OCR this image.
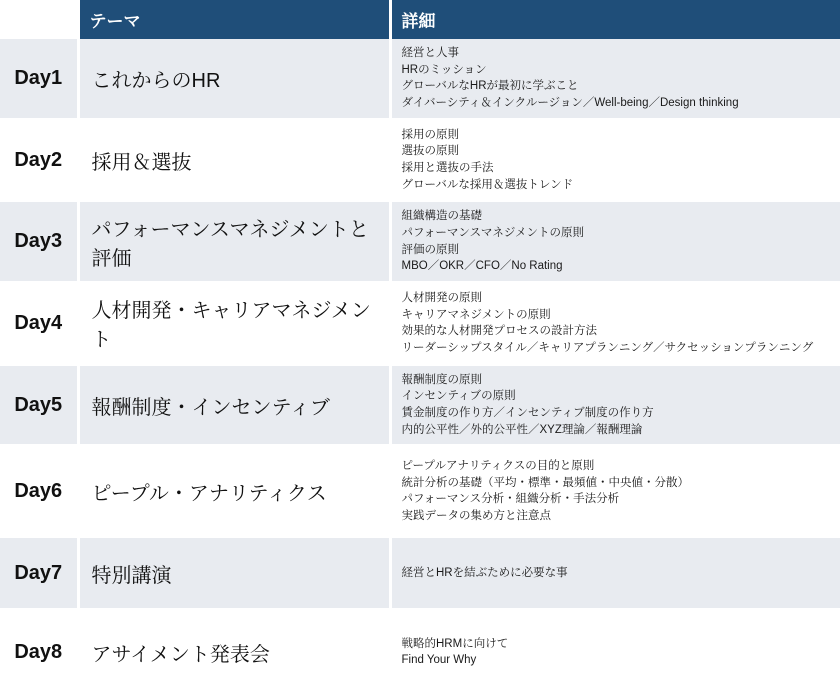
	テーマ	詳細
Day1	これからのHR	経営と人事
HRのミッション
グローバルなHRが最初に学ぶこと
ダイバーシティ＆インクルージョン／Well-being／Design thinking

Day2	採用＆選抜	採用の原則
選抜の原則
採用と選抜の手法
グローバルな採用＆選抜トレンド

Day3	パフォーマンスマネジメントと評価	組織構造の基礎
パフォーマンスマネジメントの原則
評価の原則
MBO／OKR／CFO／No Rating

Day4	人材開発・キャリアマネジメント	人材開発の原則
キャリアマネジメントの原則
効果的な人材開発プロセスの設計方法
リーダーシップスタイル／キャリアプランニング／サクセッションプランニング

Day5	報酬制度・インセンティブ	報酬制度の原則
インセンティブの原則
賃金制度の作り方／インセンティブ制度の作り方
内的公平性／外的公平性／XYZ理論／報酬理論

Day6	ピープル・アナリティクス	ピープルアナリティクスの目的と原則
統計分析の基礎（平均・標準・最頻値・中央値・分散）
パフォーマンス分析・組織分析・手法分析
実践データの集め方と注意点

Day7	特別講演	経営とHRを結ぶために必要な事

Day8	アサイメント発表会	戦略的HRMに向けて
Find Your Why
